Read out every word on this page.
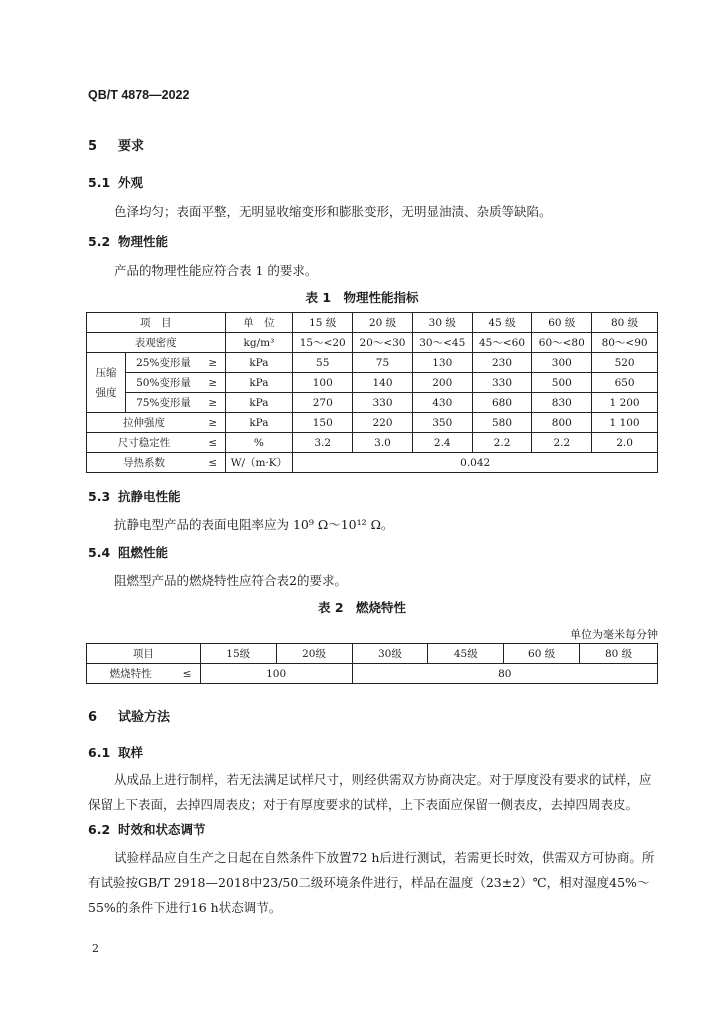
QB/T 4878—2022
5 要求
5.1 外观
色泽均匀；表面平整，无明显收缩变形和膨胀变形，无明显油渍、杂质等缺陷。
5.2 物理性能
产品的物理性能应符合表 1 的要求。
表 1　物理性能指标
项　目			单　位	15 级	20 级	30 级	45 级	60 级	80 级
表观密度			kg/m³	15～<20	20～<30	30～<45	45～<60	60～<80	80～<90
压缩强度	25%变形量	≥	kPa	55	75	130	230	300	520
	50%变形量	≥	kPa	100	140	200	330	500	650
	75%变形量	≥	kPa	270	330	430	680	830	1 200
拉伸强度		≥	kPa	150	220	350	580	800	1 100
尺寸稳定性		≤	%	3.2	3.0	2.4	2.2	2.2	2.0
导热系数		≤	W/（m·K）	0.042					
5.3 抗静电性能
抗静电型产品的表面电阻率应为 10⁹ Ω～10¹² Ω。
5.4 阻燃性能
阻燃型产品的燃烧特性应符合表2的要求。
表 2　燃烧特性
单位为毫米每分钟
项目		15级	20级	30级	45级	60 级	80 级
燃烧特性	≤	100		80			
6 试验方法
6.1 取样
从成品上进行制样，若无法满足试样尺寸，则经供需双方协商决定。对于厚度没有要求的试样，应保留上下表面，去掉四周表皮；对于有厚度要求的试样，上下表面应保留一侧表皮，去掉四周表皮。
6.2 时效和状态调节
试验样品应自生产之日起在自然条件下放置72 h后进行测试，若需更长时效，供需双方可协商。所有试验按GB/T 2918—2018中23/50二级环境条件进行，样品在温度（23±2）℃，相对湿度45%～55%的条件下进行16 h状态调节。
2
